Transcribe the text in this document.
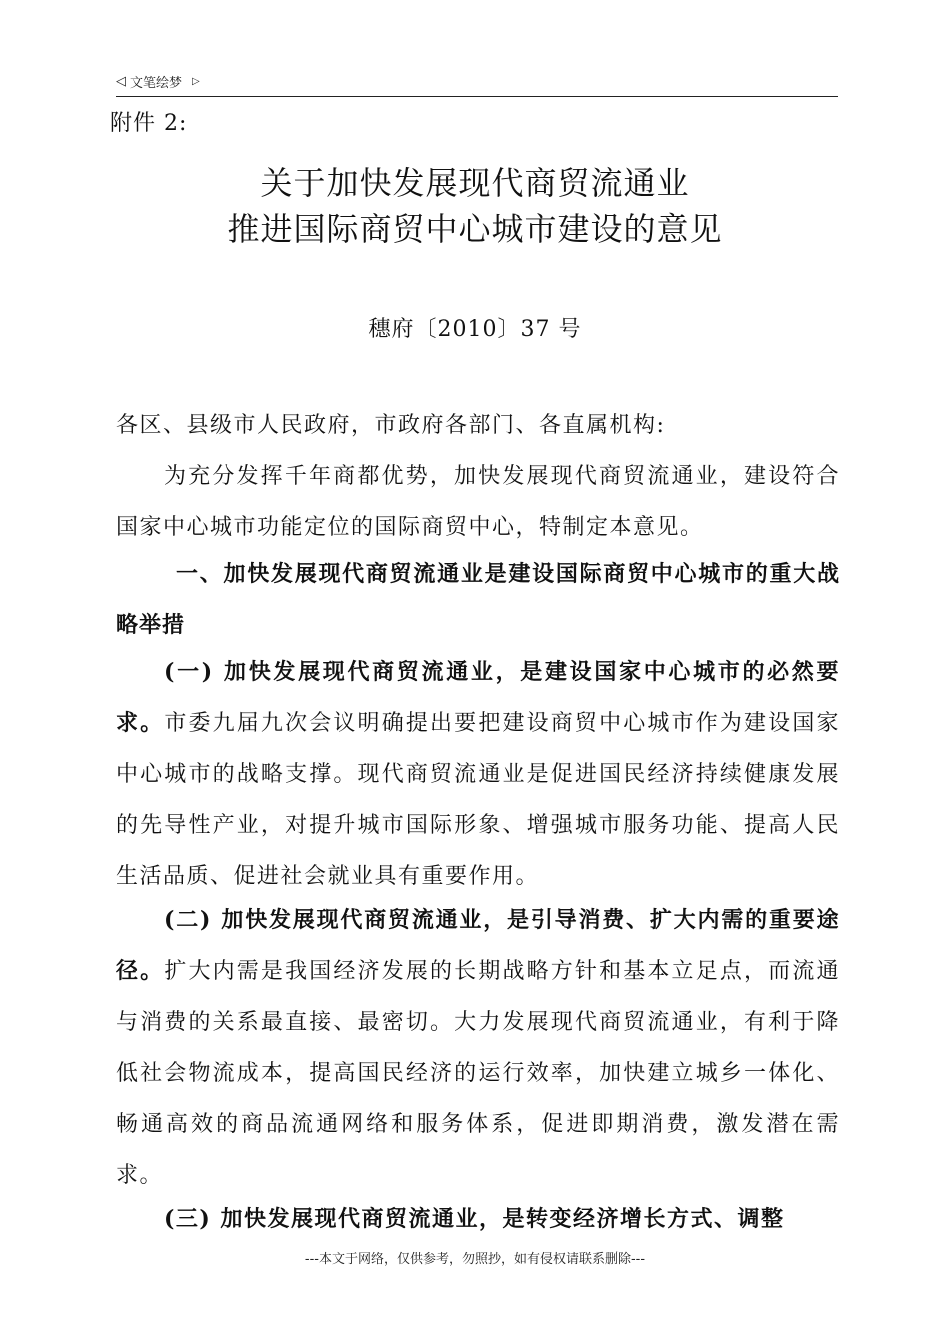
◁ 文笔绘梦 ▷
附件 2:
关于加快发展现代商贸流通业
推进国际商贸中心城市建设的意见
穗府〔2010〕37 号

各区、县级市人民政府，市政府各部门、各直属机构:

为充分发挥千年商都优势，加快发展现代商贸流通业，建设符合国家中心城市功能定位的国际商贸中心，特制定本意见。

一、加快发展现代商贸流通业是建设国际商贸中心城市的重大战略举措

(一) 加快发展现代商贸流通业，是建设国家中心城市的必然要求。市委九届九次会议明确提出要把建设商贸中心城市作为建设国家中心城市的战略支撑。现代商贸流通业是促进国民经济持续健康发展的先导性产业，对提升城市国际形象、增强城市服务功能、提高人民生活品质、促进社会就业具有重要作用。

(二) 加快发展现代商贸流通业，是引导消费、扩大内需的重要途径。扩大内需是我国经济发展的长期战略方针和基本立足点，而流通与消费的关系最直接、最密切。大力发展现代商贸流通业，有利于降低社会物流成本，提高国民经济的运行效率，加快建立城乡一体化、畅通高效的商品流通网络和服务体系，促进即期消费，激发潜在需求。

(三) 加快发展现代商贸流通业，是转变经济增长方式、调整

---本文于网络，仅供参考，勿照抄，如有侵权请联系删除---
